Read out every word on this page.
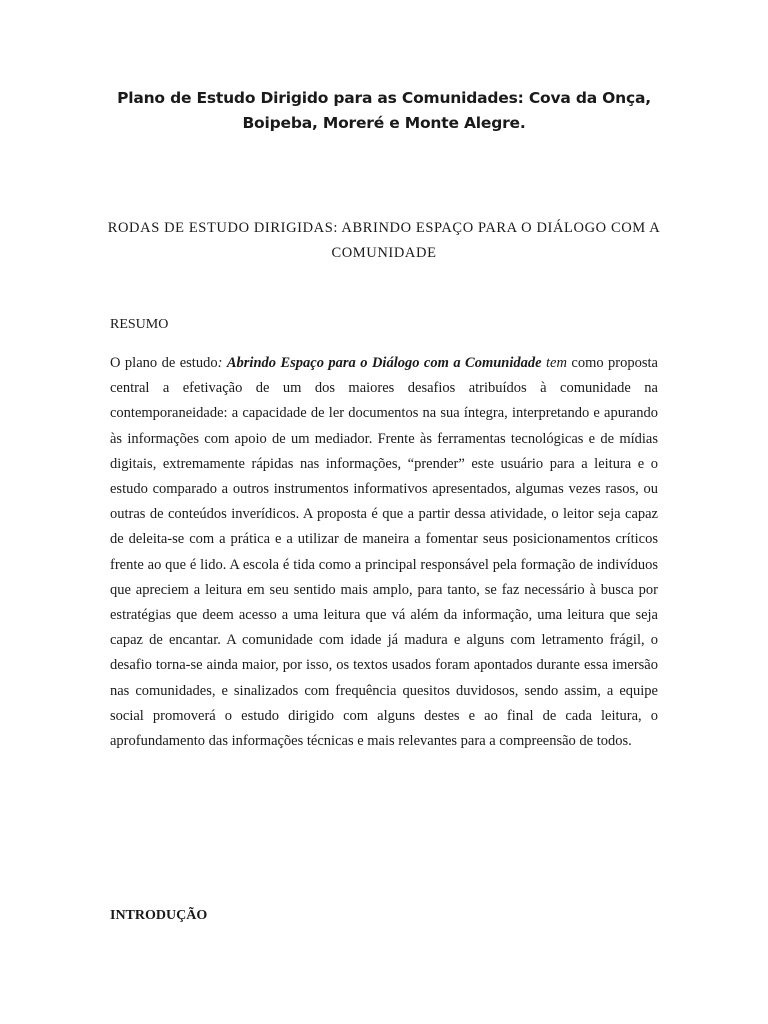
Plano de Estudo Dirigido para as Comunidades: Cova da Onça, Boipeba, Moreré e Monte Alegre.
RODAS DE ESTUDO DIRIGIDAS: ABRINDO ESPAÇO PARA O DIÁLOGO COM A COMUNIDADE
RESUMO

O plano de estudo: Abrindo Espaço para o Diálogo com a Comunidade tem como proposta central a efetivação de um dos maiores desafios atribuídos à comunidade na contemporaneidade: a capacidade de ler documentos na sua íntegra, interpretando e apurando às informações com apoio de um mediador. Frente às ferramentas tecnológicas e de mídias digitais, extremamente rápidas nas informações, “prender” este usuário para a leitura e o estudo comparado a outros instrumentos informativos apresentados, algumas vezes rasos, ou outras de conteúdos inverídicos. A proposta é que a partir dessa atividade, o leitor seja capaz de deleita-se com a prática e a utilizar de maneira a fomentar seus posicionamentos críticos frente ao que é lido. A escola é tida como a principal responsável pela formação de indivíduos que apreciem a leitura em seu sentido mais amplo, para tanto, se faz necessário à busca por estratégias que deem acesso a uma leitura que vá além da informação, uma leitura que seja capaz de encantar. A comunidade com idade já madura e alguns com letramento frágil, o desafio torna-se ainda maior, por isso, os textos usados foram apontados durante essa imersão nas comunidades, e sinalizados com frequência quesitos duvidosos, sendo assim, a equipe social promoverá o estudo dirigido com alguns destes e ao final de cada leitura, o aprofundamento das informações técnicas e mais relevantes para a compreensão de todos.

INTRODUÇÃO
